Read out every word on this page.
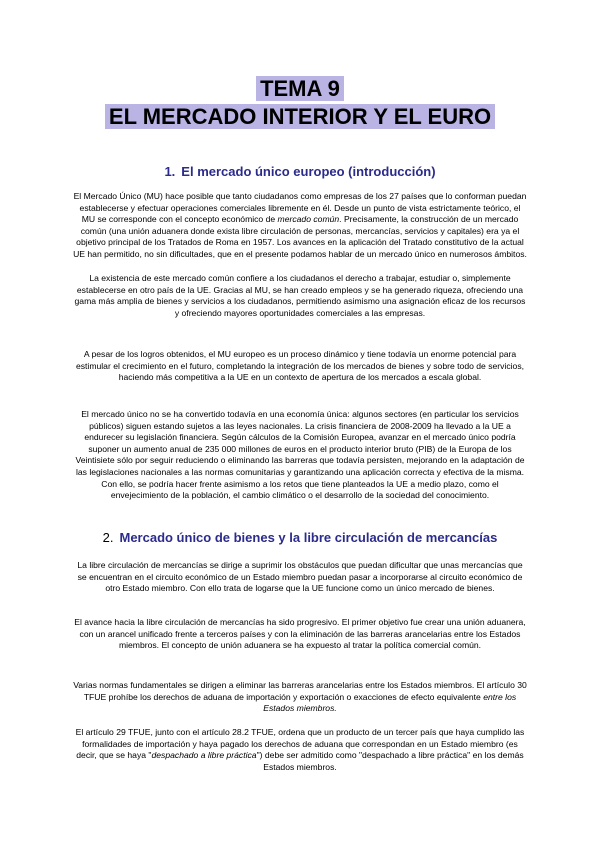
TEMA 9
EL MERCADO INTERIOR Y EL EURO
1. El mercado único europeo (introducción)

El Mercado Único (MU) hace posible que tanto ciudadanos como empresas de los 27 países que lo conforman puedan establecerse y efectuar operaciones comerciales libremente en él. Desde un punto de vista estrictamente teórico, el MU se corresponde con el concepto económico de mercado común. Precisamente, la construcción de un mercado común (una unión aduanera donde exista libre circulación de personas, mercancías, servicios y capitales) era ya el objetivo principal de los Tratados de Roma en 1957. Los avances en la aplicación del Tratado constitutivo de la actual UE han permitido, no sin dificultades, que en el presente podamos hablar de un mercado único en numerosos ámbitos.

La existencia de este mercado común confiere a los ciudadanos el derecho a trabajar, estudiar o, simplemente establecerse en otro país de la UE. Gracias al MU, se han creado empleos y se ha generado riqueza, ofreciendo una gama más amplia de bienes y servicios a los ciudadanos, permitiendo asimismo una asignación eficaz de los recursos y ofreciendo mayores oportunidades comerciales a las empresas.

A pesar de los logros obtenidos, el MU europeo es un proceso dinámico y tiene todavía un enorme potencial para estimular el crecimiento en el futuro, completando la integración de los mercados de bienes y sobre todo de servicios, haciendo más competitiva a la UE en un contexto de apertura de los mercados a escala global.

El mercado único no se ha convertido todavía en una economía única: algunos sectores (en particular los servicios públicos) siguen estando sujetos a las leyes nacionales. La crisis financiera de 2008-2009 ha llevado a la UE a endurecer su legislación financiera. Según cálculos de la Comisión Europea, avanzar en el mercado único podría suponer un aumento anual de 235 000 millones de euros en el producto interior bruto (PIB) de la Europa de los Veintisiete sólo por seguir reduciendo o eliminando las barreras que todavía persisten, mejorando en la adaptación de las legislaciones nacionales a las normas comunitarias y garantizando una aplicación correcta y efectiva de la misma. Con ello, se podría hacer frente asimismo a los retos que tiene planteados la UE a medio plazo, como el envejecimiento de la población, el cambio climático o el desarrollo de la sociedad del conocimiento.

2. Mercado único de bienes y la libre circulación de mercancías

La libre circulación de mercancías se dirige a suprimir los obstáculos que puedan dificultar que unas mercancías que se encuentran en el circuito económico de un Estado miembro puedan pasar a incorporarse al circuito económico de otro Estado miembro. Con ello trata de logarse que la UE funcione como un único mercado de bienes.

El avance hacia la libre circulación de mercancías ha sido progresivo. El primer objetivo fue crear una unión aduanera, con un arancel unificado frente a terceros países y con la eliminación de las barreras arancelarias entre los Estados miembros. El concepto de unión aduanera se ha expuesto al tratar la política comercial común.

Varias normas fundamentales se dirigen a eliminar las barreras arancelarias entre los Estados miembros. El artículo 30 TFUE prohíbe los derechos de aduana de importación y exportación o exacciones de efecto equivalente entre los Estados miembros.

El artículo 29 TFUE, junto con el artículo 28.2 TFUE, ordena que un producto de un tercer país que haya cumplido las formalidades de importación y haya pagado los derechos de aduana que correspondan en un Estado miembro (es decir, que se haya "despachado a libre práctica") debe ser admitido como "despachado a libre práctica" en los demás Estados miembros.
